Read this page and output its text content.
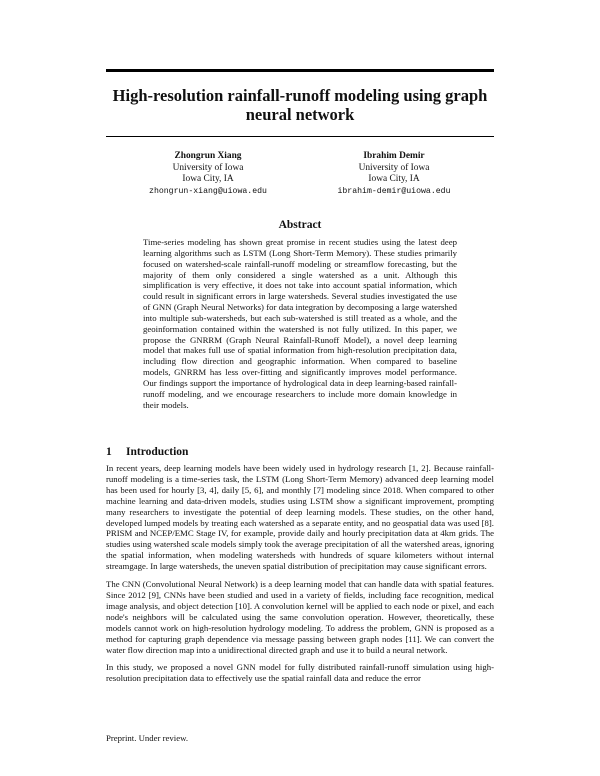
High-resolution rainfall-runoff modeling using graph neural network
Zhongrun Xiang
University of Iowa
Iowa City, IA
zhongrun-xiang@uiowa.edu
Ibrahim Demir
University of Iowa
Iowa City, IA
ibrahim-demir@uiowa.edu
Abstract
Time-series modeling has shown great promise in recent studies using the latest deep learning algorithms such as LSTM (Long Short-Term Memory). These studies primarily focused on watershed-scale rainfall-runoff modeling or streamflow forecasting, but the majority of them only considered a single watershed as a unit. Although this simplification is very effective, it does not take into account spatial information, which could result in significant errors in large watersheds. Several studies investigated the use of GNN (Graph Neural Networks) for data integration by decomposing a large watershed into multiple sub-watersheds, but each sub-watershed is still treated as a whole, and the geoinformation contained within the watershed is not fully utilized. In this paper, we propose the GNRRM (Graph Neural Rainfall-Runoff Model), a novel deep learning model that makes full use of spatial information from high-resolution precipitation data, including flow direction and geographic information. When compared to baseline models, GNRRM has less over-fitting and significantly improves model performance. Our findings support the importance of hydrological data in deep learning-based rainfall-runoff modeling, and we encourage researchers to include more domain knowledge in their models.
1 Introduction

In recent years, deep learning models have been widely used in hydrology research [1, 2]. Because rainfall-runoff modeling is a time-series task, the LSTM (Long Short-Term Memory) advanced deep learning model has been used for hourly [3, 4], daily [5, 6], and monthly [7] modeling since 2018. When compared to other machine learning and data-driven models, studies using LSTM show a significant improvement, prompting many researchers to investigate the potential of deep learning models. These studies, on the other hand, developed lumped models by treating each watershed as a separate entity, and no geospatial data was used [8]. PRISM and NCEP/EMC Stage IV, for example, provide daily and hourly precipitation data at 4km grids. The studies using watershed scale models simply took the average precipitation of all the watershed areas, ignoring the spatial information, when modeling watersheds with hundreds of square kilometers without internal streamgage. In large watersheds, the uneven spatial distribution of precipitation may cause significant errors.

The CNN (Convolutional Neural Network) is a deep learning model that can handle data with spatial features. Since 2012 [9], CNNs have been studied and used in a variety of fields, including face recognition, medical image analysis, and object detection [10]. A convolution kernel will be applied to each node or pixel, and each node's neighbors will be calculated using the same convolution operation. However, theoretically, these models cannot work on high-resolution hydrology modeling. To address the problem, GNN is proposed as a method for capturing graph dependence via message passing between graph nodes [11]. We can convert the water flow direction map into a unidirectional directed graph and use it to build a neural network.

In this study, we proposed a novel GNN model for fully distributed rainfall-runoff simulation using high-resolution precipitation data to effectively use the spatial rainfall data and reduce the error

Preprint. Under review.
